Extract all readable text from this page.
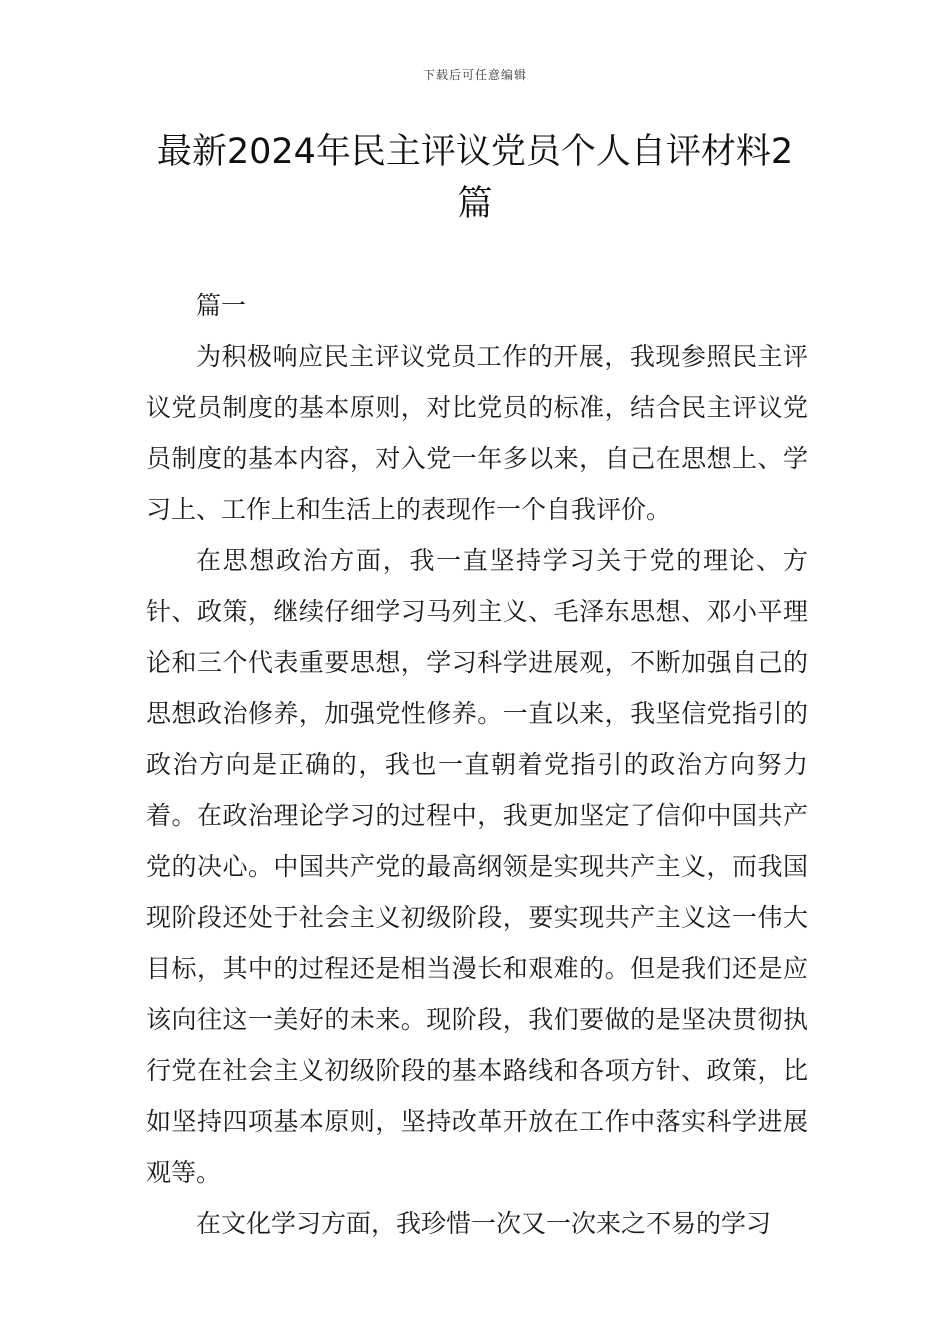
下载后可任意编辑
最新2024年民主评议党员个人自评材料2篇

篇一

为积极响应民主评议党员工作的开展，我现参照民主评议党员制度的基本原则，对比党员的标准，结合民主评议党员制度的基本内容，对入党一年多以来，自己在思想上、学习上、工作上和生活上的表现作一个自我评价。

在思想政治方面，我一直坚持学习关于党的理论、方针、政策，继续仔细学习马列主义、毛泽东思想、邓小平理论和三个代表重要思想，学习科学进展观，不断加强自己的思想政治修养，加强党性修养。一直以来，我坚信党指引的政治方向是正确的，我也一直朝着党指引的政治方向努力着。在政治理论学习的过程中，我更加坚定了信仰中国共产党的决心。中国共产党的最高纲领是实现共产主义，而我国现阶段还处于社会主义初级阶段，要实现共产主义这一伟大目标，其中的过程还是相当漫长和艰难的。但是我们还是应该向往这一美好的未来。现阶段，我们要做的是坚决贯彻执行党在社会主义初级阶段的基本路线和各项方针、政策，比如坚持四项基本原则，坚持改革开放在工作中落实科学进展观等。

在文化学习方面，我珍惜一次又一次来之不易的学习
